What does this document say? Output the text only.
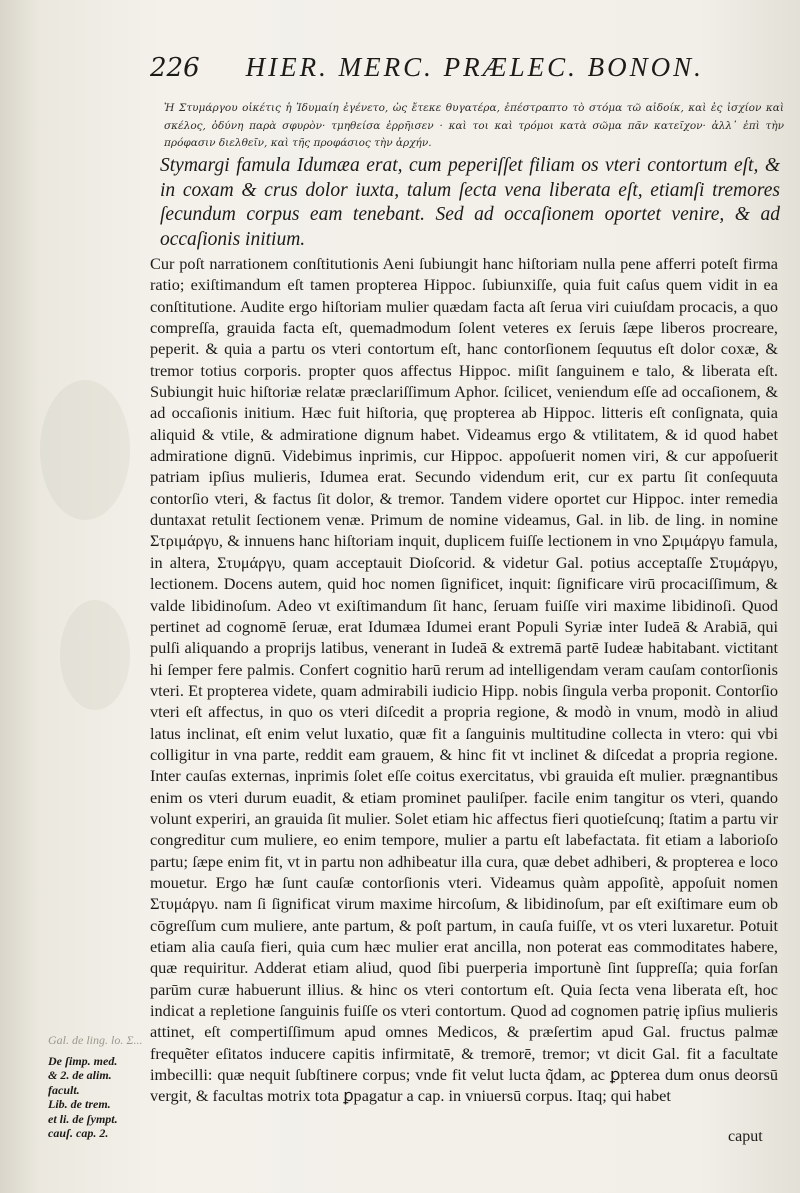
226 HIER. MERC. PRÆLEC. BONON.
Ἡ Στυμάργου οἰκέτις ἡ Ἰδυμαίη ἐγένετο, ὡς ἔτεκε θυγατέρα, ἐπέστραπτο τὸ στόμα τῶ αἰδοίκ, καὶ ἐς ἰσχίον καὶ σκέλος, ὀδύνη παρὰ σφυρὸν· τμηθείσα ἐρρῆισεν · καὶ τοι καὶ τρόμοι κατὰ σῶμα πᾶν κατεῖχον· ἀλλ᾽ ἐπὶ τὴν πρόφασιν διελθεῖν, καὶ τῆς προφάσιος τὴν ἀρχήν.
Stymargi famula Idumæa erat, cum peperiſſet filiam os vteri contortum eſt, & in coxam & crus dolor iuxta, talum ſecta vena liberata eſt, etiamſi tremores ſecundum corpus eam tenebant. Sed ad occaſionem oportet venire, & ad occaſionis initium.

Cur poſt narrationem conſtitutionis Aeni ſubiungit hanc hiſtoriam nulla pene afferri poteſt firma ratio; exiſtimandum eſt tamen propterea Hippoc. ſubiunxiſſe, quia fuit caſus quem vidit in ea conſtitutione. Audite ergo hiſtoriam mulier quædam facta aſt ſerua viri cuiuſdam procacis, a quo compreſſa, grauida facta eſt, quemadmodum ſolent veteres ex ſeruis ſæpe liberos procreare, peperit. & quia a partu os vteri contortum eſt, hanc contorſionem ſequutus eſt dolor coxæ, & tremor totius corporis. propter quos affectus Hippoc. miſit ſanguinem e talo, & liberata eſt. Subiungit huic hiſtoriæ relatæ præclariſſimum Aphor. ſcilicet, veniendum eſſe ad occaſionem, & ad occaſionis initium. Hæc fuit hiſtoria, quę propterea ab Hippoc. litteris eſt conſignata, quia aliquid & vtile, & admiratione dignum habet. Videamus ergo & vtilitatem, & id quod habet admiratione dignū. Videbimus inprimis, cur Hippoc. appoſuerit nomen viri, & cur appoſuerit patriam ipſius mulieris, Idumea erat. Secundo videndum erit, cur ex partu ſit conſequuta contorſio vteri, & factus ſit dolor, & tremor. Tandem videre oportet cur Hippoc. inter remedia duntaxat retulit ſectionem venæ. Primum de nomine videamus, Gal. in lib. de ling. in nomine Στριμάργυ, & innuens hanc hiſtoriam inquit, duplicem fuiſſe lectionem in vno Σριμάργυ famula, in altera, Στυμάργυ, quam acceptauit Dioſcorid. & videtur Gal. potius acceptaſſe Στυμάργυ, lectionem. Docens autem, quid hoc nomen ſignificet, inquit: ſignificare virū procaciſſimum, & valde libidinoſum. Adeo vt exiſtimandum ſit hanc, ſeruam fuiſſe viri maxime libidinoſi. Quod pertinet ad cognomē ſeruæ, erat Idumæa Idumei erant Populi Syriæ inter Iudeā & Arabiā, qui pulſi aliquando a proprijs latibus, venerant in Iudeā & extremā partē Iudeæ habitabant. victitant hi ſemper fere palmis. Confert cognitio harū rerum ad intelligendam veram cauſam contorſionis vteri. Et propterea videte, quam admirabili iudicio Hipp. nobis ſingula verba proponit. Contorſio vteri eſt affectus, in quo os vteri diſcedit a propria regione, & modò in vnum, modò in aliud latus inclinat, eſt enim velut luxatio, quæ fit a ſanguinis multitudine collecta in vtero: qui vbi colligitur in vna parte, reddit eam grauem, & hinc fit vt inclinet & diſcedat a propria regione. Inter cauſas externas, inprimis ſolet eſſe coitus exercitatus, vbi grauida eſt mulier. prægnantibus enim os vteri durum euadit, & etiam prominet pauliſper. facile enim tangitur os vteri, quando volunt experiri, an grauida ſit mulier. Solet etiam hic affectus fieri quotieſcunq; ſtatim a partu vir congreditur cum muliere, eo enim tempore, mulier a partu eſt labefactata. fit etiam a laborioſo partu; ſæpe enim fit, vt in partu non adhibeatur illa cura, quæ debet adhiberi, & propterea e loco mouetur. Ergo hæ ſunt cauſæ contorſionis vteri. Videamus quàm appoſitè, appoſuit nomen Στυμάργυ. nam ſi ſignificat virum maxime hircoſum, & libidinoſum, par eſt exiſtimare eum ob cōgreſſum cum muliere, ante partum, & poſt partum, in cauſa fuiſſe, vt os vteri luxaretur. Potuit etiam alia cauſa fieri, quia cum hæc mulier erat ancilla, non poterat eas commoditates habere, quæ requiritur. Adderat etiam aliud, quod ſibi puerperia importunè ſint ſuppreſſa; quia forſan parūm curæ habuerunt illius. & hinc os vteri contortum eſt. Quia ſecta vena liberata eſt, hoc indicat a repletione ſanguinis fuiſſe os vteri contortum. Quod ad cognomen patrię ipſius mulieris attinet, eſt compertiſſimum apud omnes Medicos, & præſertim apud Gal. fructus palmæ frequẽter eſitatos inducere capitis infirmitatē, & tremorē, tremor; vt dicit Gal. fit a facultate imbecilli: quæ nequit ſubſtinere corpus; vnde fit velut lucta q̃dam, ac ꝑpterea dum onus deorsū vergit, & facultas motrix tota ꝑpagatur a cap. in vniuersū corpus. Itaq; qui habet

Gal. de ling. lo. Σ...
De ſimp. med.
& 2. de alim.
facult.
Lib. de trem.
et li. de ſympt.
cauſ. cap. 2.	caput
